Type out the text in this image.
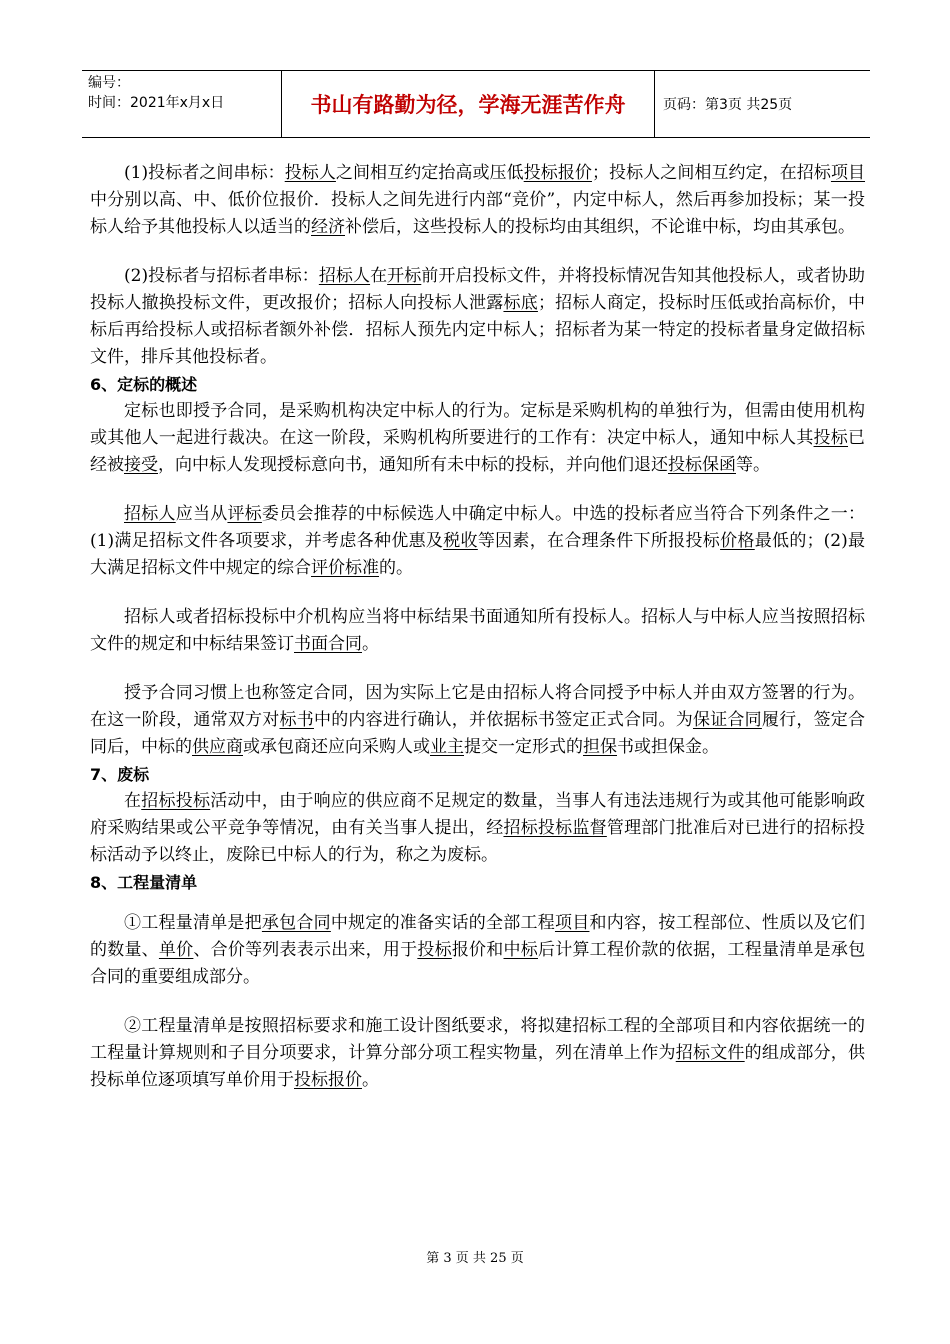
编号：
时间：2021年x月x日	书山有路勤为径，学海无涯苦作舟	页码：第3页 共25页

(1)投标者之间串标：投标人之间相互约定抬高或压低投标报价；投标人之间相互约定，在招标项目中分别以高、中、低价位报价．投标人之间先进行内部“竞价”，内定中标人，然后再参加投标；某一投标人给予其他投标人以适当的经济补偿后，这些投标人的投标均由其组织，不论谁中标，均由其承包。

(2)投标者与招标者串标：招标人在开标前开启投标文件，并将投标情况告知其他投标人，或者协助投标人撤换投标文件，更改报价；招标人向投标人泄露标底；招标人商定，投标时压低或抬高标价，中标后再给投标人或招标者额外补偿．招标人预先内定中标人；招标者为某一特定的投标者量身定做招标文件，排斥其他投标者。

6、定标的概述

定标也即授予合同，是采购机构决定中标人的行为。定标是采购机构的单独行为，但需由使用机构或其他人一起进行裁决。在这一阶段，采购机构所要进行的工作有：决定中标人，通知中标人其投标已经被接受，向中标人发现授标意向书，通知所有未中标的投标，并向他们退还投标保函等。

招标人应当从评标委员会推荐的中标候选人中确定中标人。中选的投标者应当符合下列条件之一：(1)满足招标文件各项要求，并考虑各种优惠及税收等因素，在合理条件下所报投标价格最低的；(2)最大满足招标文件中规定的综合评价标准的。

招标人或者招标投标中介机构应当将中标结果书面通知所有投标人。招标人与中标人应当按照招标文件的规定和中标结果签订书面合同。

授予合同习惯上也称签定合同，因为实际上它是由招标人将合同授予中标人并由双方签署的行为。在这一阶段，通常双方对标书中的内容进行确认，并依据标书签定正式合同。为保证合同履行，签定合同后，中标的供应商或承包商还应向采购人或业主提交一定形式的担保书或担保金。

7、废标

在招标投标活动中，由于响应的供应商不足规定的数量，当事人有违法违规行为或其他可能影响政府采购结果或公平竞争等情况，由有关当事人提出，经招标投标监督管理部门批准后对已进行的招标投标活动予以终止，废除已中标人的行为，称之为废标。

8、工程量清单

①工程量清单是把承包合同中规定的准备实话的全部工程项目和内容，按工程部位、性质以及它们的数量、单价、合价等列表表示出来，用于投标报价和中标后计算工程价款的依据，工程量清单是承包合同的重要组成部分。

②工程量清单是按照招标要求和施工设计图纸要求，将拟建招标工程的全部项目和内容依据统一的工程量计算规则和子目分项要求，计算分部分项工程实物量，列在清单上作为招标文件的组成部分，供投标单位逐项填写单价用于投标报价。

第 3 页 共 25 页
